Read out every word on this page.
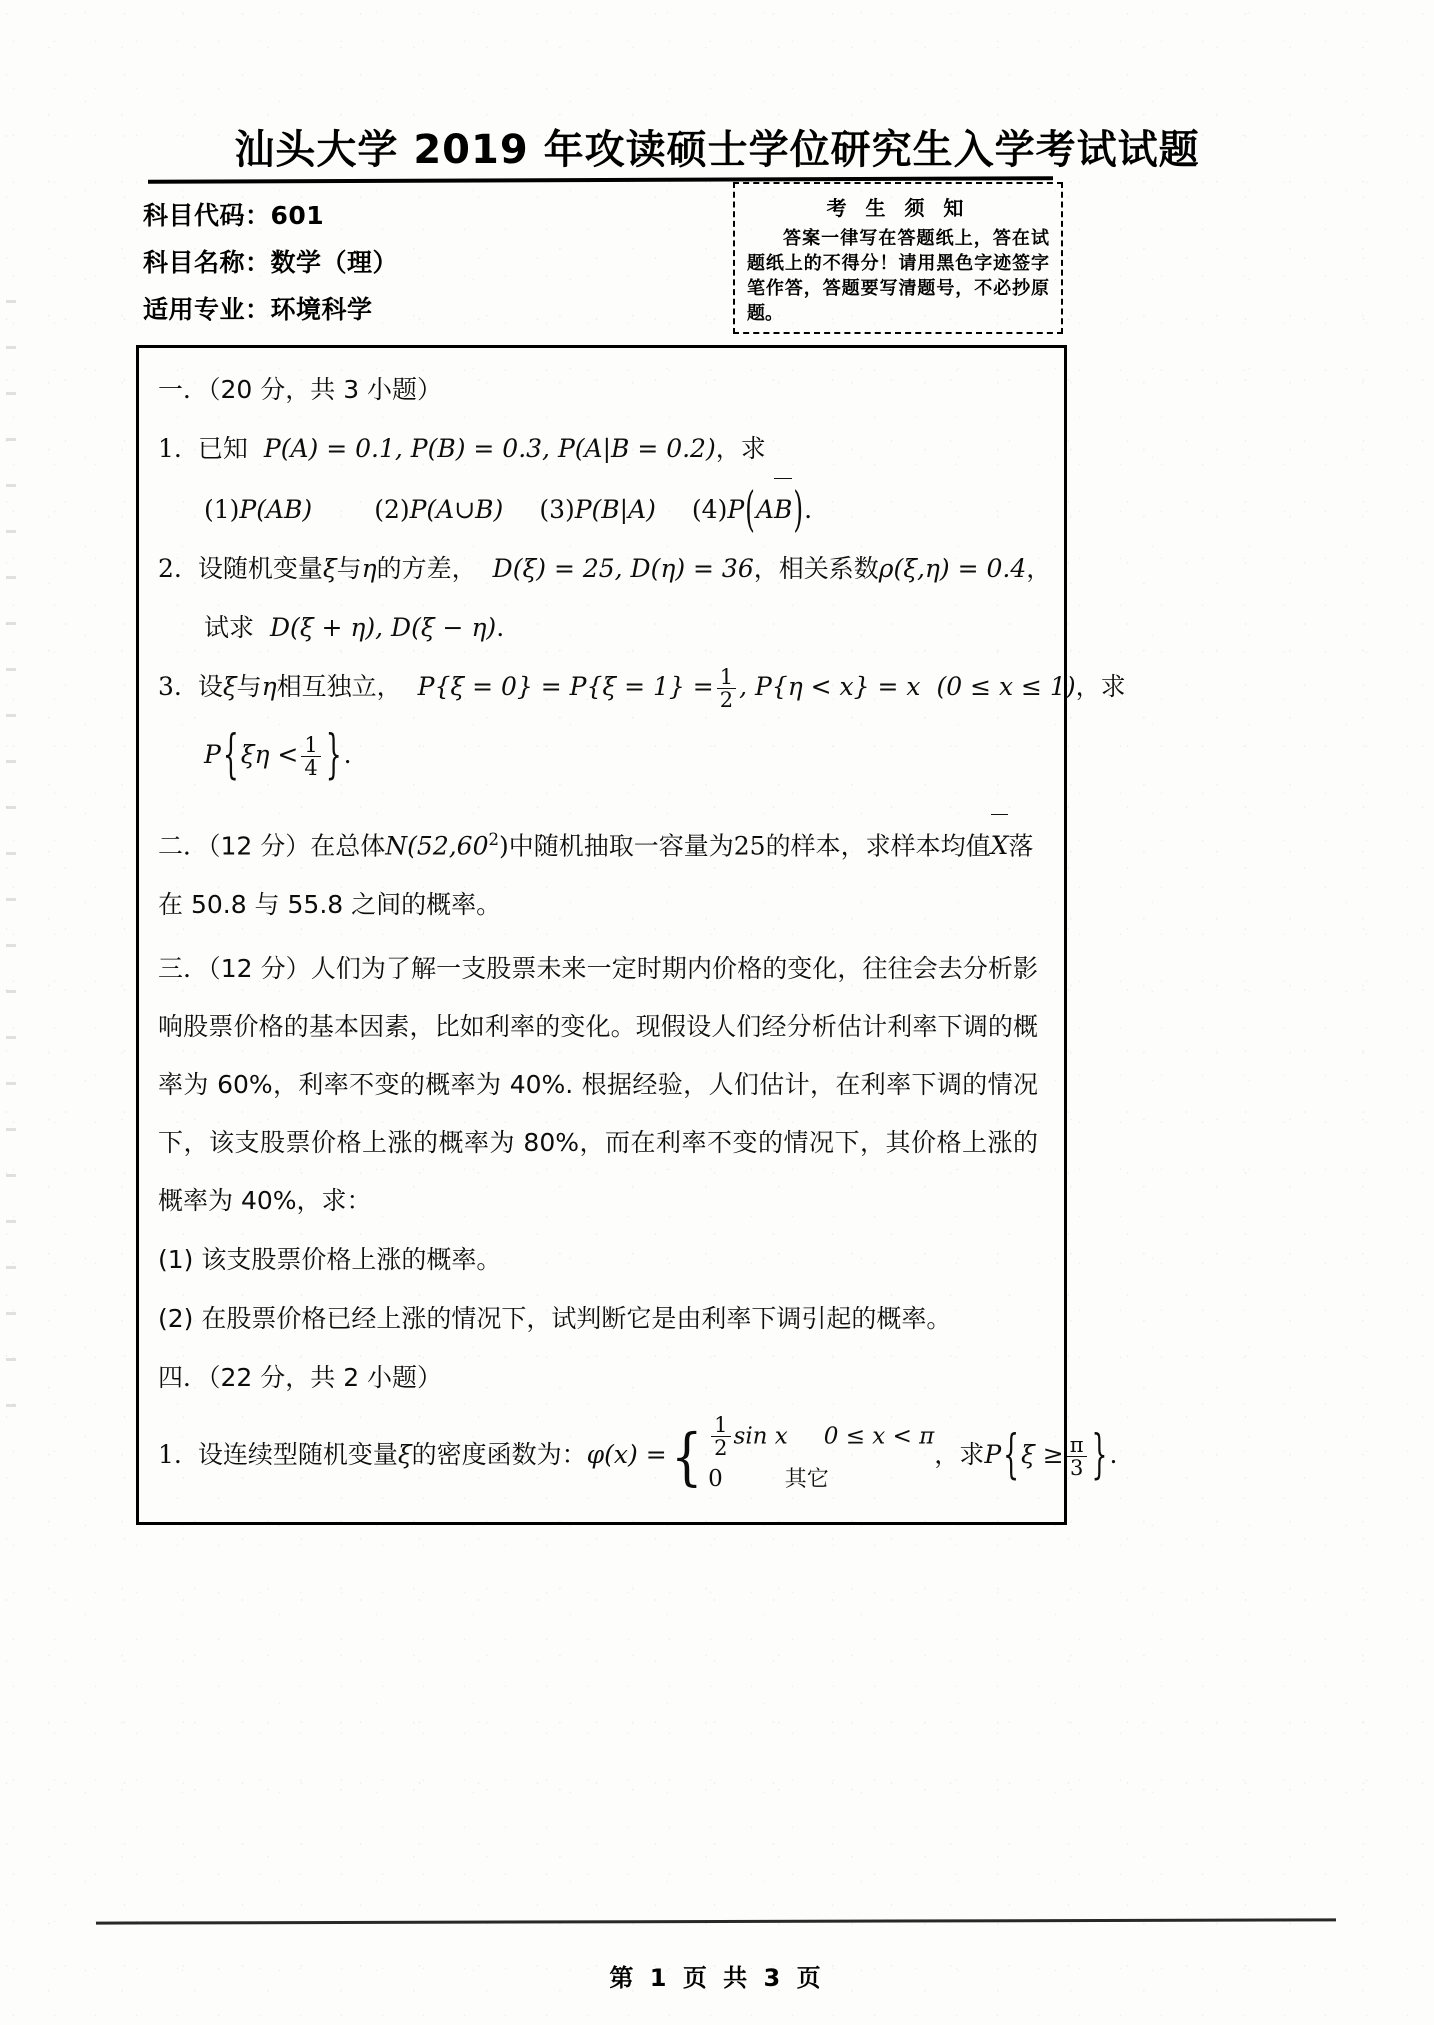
汕头大学 2019 年攻读硕士学位研究生入学考试试题
科目代码：601
科目名称：数学（理）
适用专业：环境科学
考 生 须 知
答案一律写在答题纸上，答在试题纸上的不得分！请用黑色字迹签字笔作答，答题要写清题号，不必抄原题。
一．（20 分，共 3 小题）
1. 已知 P(A) = 0.1, P(B) = 0.3, P(A|B = 0.2)，求
(1)P(AB) (2)P(A∪B) (3)P(B|A) (4)P(AB).
2. 设随机变量ξ与η的方差， D(ξ) = 25, D(η) = 36，相关系数ρ(ξ,η) = 0.4，
试求 D(ξ + η), D(ξ − η).
3. 设ξ与η相互独立， $P\{\xi = 0\} = P\{\xi = 1\} = \frac{1}{2}$ , P{η < x} = x (0 ≤ x ≤ 1)，求
$P\{\xi\eta < \frac{1}{4}$ }.
二．（12 分）在总体N(52,60$^2$)中随机抽取一容量为25的样本，求样本均值X落
在 50.8 与 55.8 之间的概率。
三．（12 分）人们为了解一支股票未来一定时期内价格的变化，往往会去分析影响股票价格的基本因素，比如利率的变化。现假设人们经分析估计利率下调的概率为 60%，利率不变的概率为 40%. 根据经验，人们估计，在利率下调的情况下，该支股票价格上涨的概率为 80%，而在利率不变的情况下，其价格上涨的概率为 40%，求：
(1) 该支股票价格上涨的概率。
(2) 在股票价格已经上涨的情况下，试判断它是由利率下调引起的概率。
四．（22 分，共 2 小题）
1. 设连续型随机变量ξ的密度函数为：φ(x) = { $\frac{1}{2}$ sin x 0 ≤ x < π
0	其它
，求$P\{\xi \ge \frac{\pi}{3}$ }.
第 1 页 共 3 页
